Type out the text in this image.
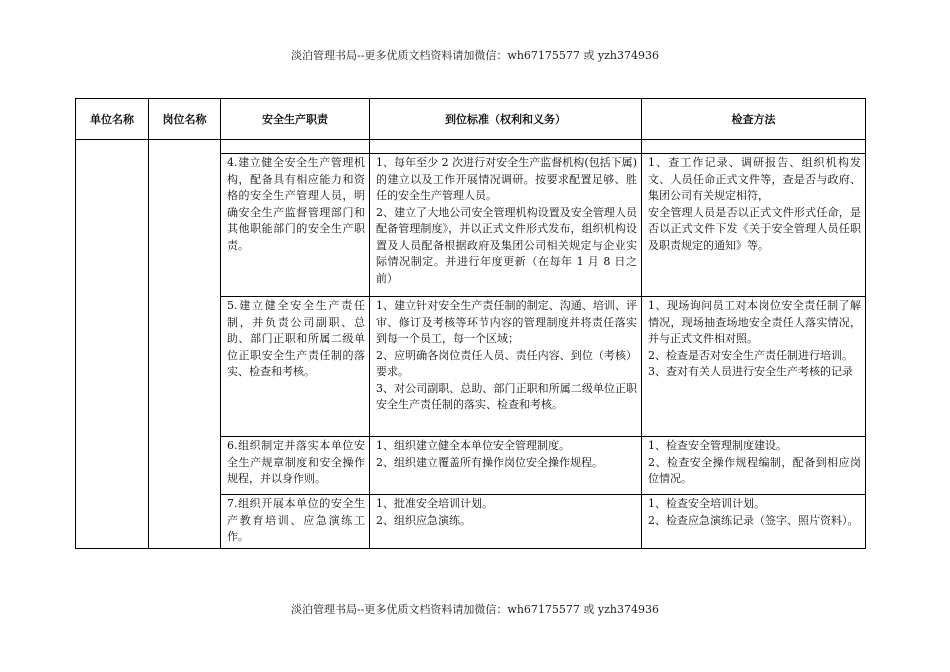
淡泊管理书局--更多优质文档资料请加微信：wh67175577 或 yzh374936
单位名称	岗位名称	安全生产职责	到位标准（权利和义务）	检查方法

		4.建立健全安全生产管理机构，配备具有相应能力和资格的安全生产管理人员，明确安全生产监督管理部门和其他职能部门的安全生产职责。	1、每年至少 2 次进行对安全生产监督机构(包括下属)的建立以及工作开展情况调研。按要求配置足够、胜任的安全生产管理人员。
2、建立了大地公司安全管理机构设置及安全管理人员配备管理制度》，并以正式文件形式发布，组织机构设置及人员配备根据政府及集团公司相关规定与企业实际情况制定。并进行年度更新（在每年 1 月 8 日之前）	1、查工作记录、调研报告、组织机构发文、人员任命正式文件等，查是否与政府、集团公司有关规定相符，
安全管理人员是否以正式文件形式任命，是否以正式文件下发《关于安全管理人员任职及职责规定的通知》等。

		5.建立健全安全生产责任制，并负责公司副职、总助、部门正职和所属二级单位正职安全生产责任制的落实、检查和考核。	1、建立针对安全生产责任制的制定、沟通、培训、评审、修订及考核等环节内容的管理制度并将责任落实到每一个员工，每一个区域；
2、应明确各岗位责任人员、责任内容、到位（考核）要求。
3、对公司副职、总助、部门正职和所属二级单位正职安全生产责任制的落实、检查和考核。	1、现场询问员工对本岗位安全责任制了解情况，现场抽查场地安全责任人落实情况，并与正式文件相对照。
2、检查是否对安全生产责任制进行培训。
3、查对有关人员进行安全生产考核的记录

		6.组织制定并落实本单位安全生产规章制度和安全操作规程，并以身作则。	1、组织建立健全本单位安全管理制度。
2、组织建立覆盖所有操作岗位安全操作规程。	1、检查安全管理制度建设。
2、检查安全操作规程编制，配备到相应岗位情况。

		7.组织开展本单位的安全生产教育培训、应急演练工作。	1、批准安全培训计划。
2、组织应急演练。	1、检查安全培训计划。
2、检查应急演练记录（签字、照片资料）。
淡泊管理书局--更多优质文档资料请加微信：wh67175577 或 yzh374936
